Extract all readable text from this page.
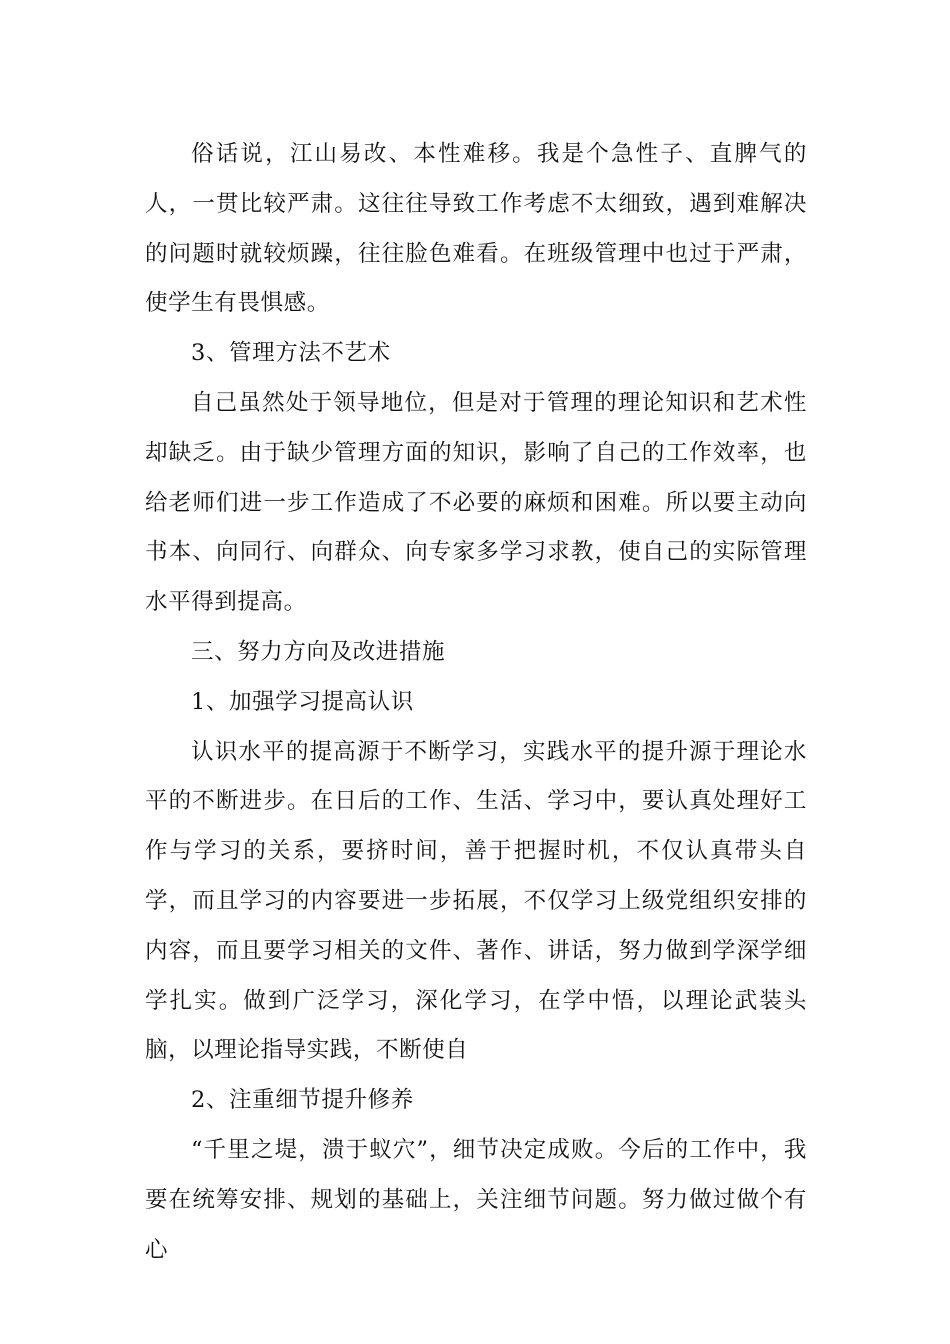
俗话说，江山易改、本性难移。我是个急性子、直脾气的人，一贯比较严肃。这往往导致工作考虑不太细致，遇到难解决的问题时就较烦躁，往往脸色难看。在班级管理中也过于严肃，使学生有畏惧感。

3、管理方法不艺术

自己虽然处于领导地位，但是对于管理的理论知识和艺术性却缺乏。由于缺少管理方面的知识，影响了自己的工作效率，也给老师们进一步工作造成了不必要的麻烦和困难。所以要主动向书本、向同行、向群众、向专家多学习求教，使自己的实际管理水平得到提高。

三、努力方向及改进措施

1、加强学习提高认识

认识水平的提高源于不断学习，实践水平的提升源于理论水平的不断进步。在日后的工作、生活、学习中，要认真处理好工作与学习的关系，要挤时间，善于把握时机，不仅认真带头自学，而且学习的内容要进一步拓展，不仅学习上级党组织安排的内容，而且要学习相关的文件、著作、讲话，努力做到学深学细学扎实。做到广泛学习，深化学习，在学中悟，以理论武装头脑，以理论指导实践，不断使自

2、注重细节提升修养

“千里之堤，溃于蚁穴”，细节决定成败。今后的工作中，我要在统筹安排、规划的基础上，关注细节问题。努力做过做个有心
